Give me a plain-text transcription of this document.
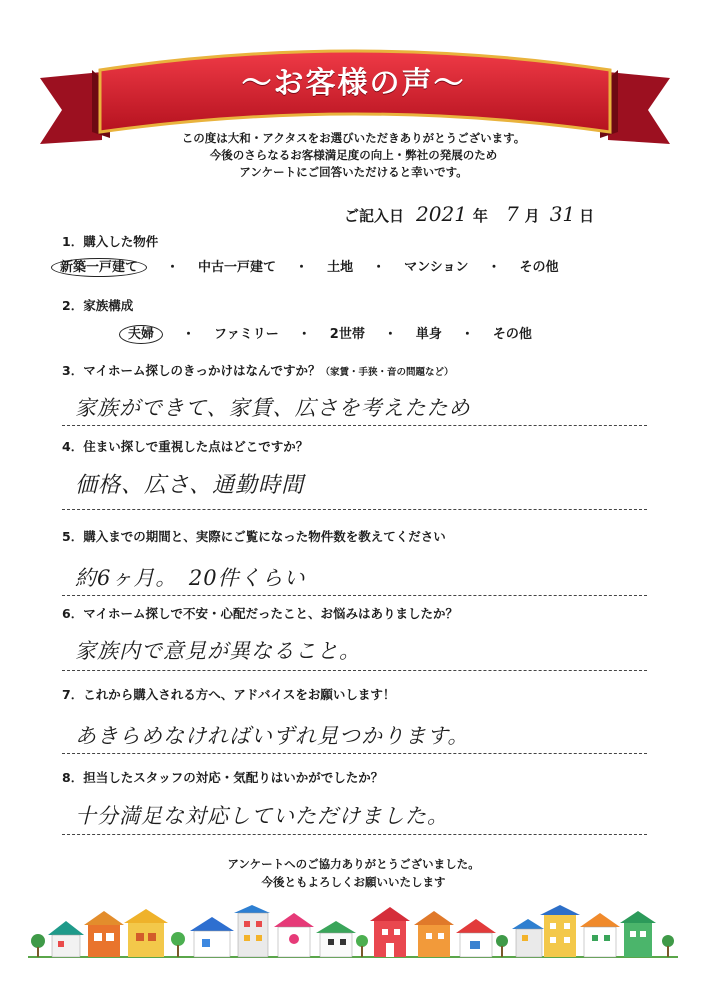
～お客様の声～
この度は大和・アクタスをお選びいただきありがとうございます。
今後のさらなるお客様満足度の向上・弊社の発展のため
アンケートにご回答いただけると幸いです。
ご記入日 2021 年 7 月 31 日
1．購入した物件
新築一戸建て	・	中古一戸建て	・	土地	・	マンション	・	その他
2．家族構成
夫婦	・	ファミリー	・	2世帯	・	単身	・	その他
3．マイホーム探しのきっかけはなんですか？（家賃・手狭・音の問題など）
家族ができて、家賃、広さを考えたため
4．住まい探しで重視した点はどこですか？
価格、広さ、通勤時間
5．購入までの期間と、実際にご覧になった物件数を教えてください
約6ヶ月。　20件くらい
6．マイホーム探しで不安・心配だったこと、お悩みはありましたか？
家族内で意見が異なること。
7．これから購入される方へ、アドバイスをお願いします！
あきらめなければいずれ見つかります。
8．担当したスタッフの対応・気配りはいかがでしたか？
十分満足な対応していただけました。
アンケートへのご協力ありがとうございました。
今後ともよろしくお願いいたします
